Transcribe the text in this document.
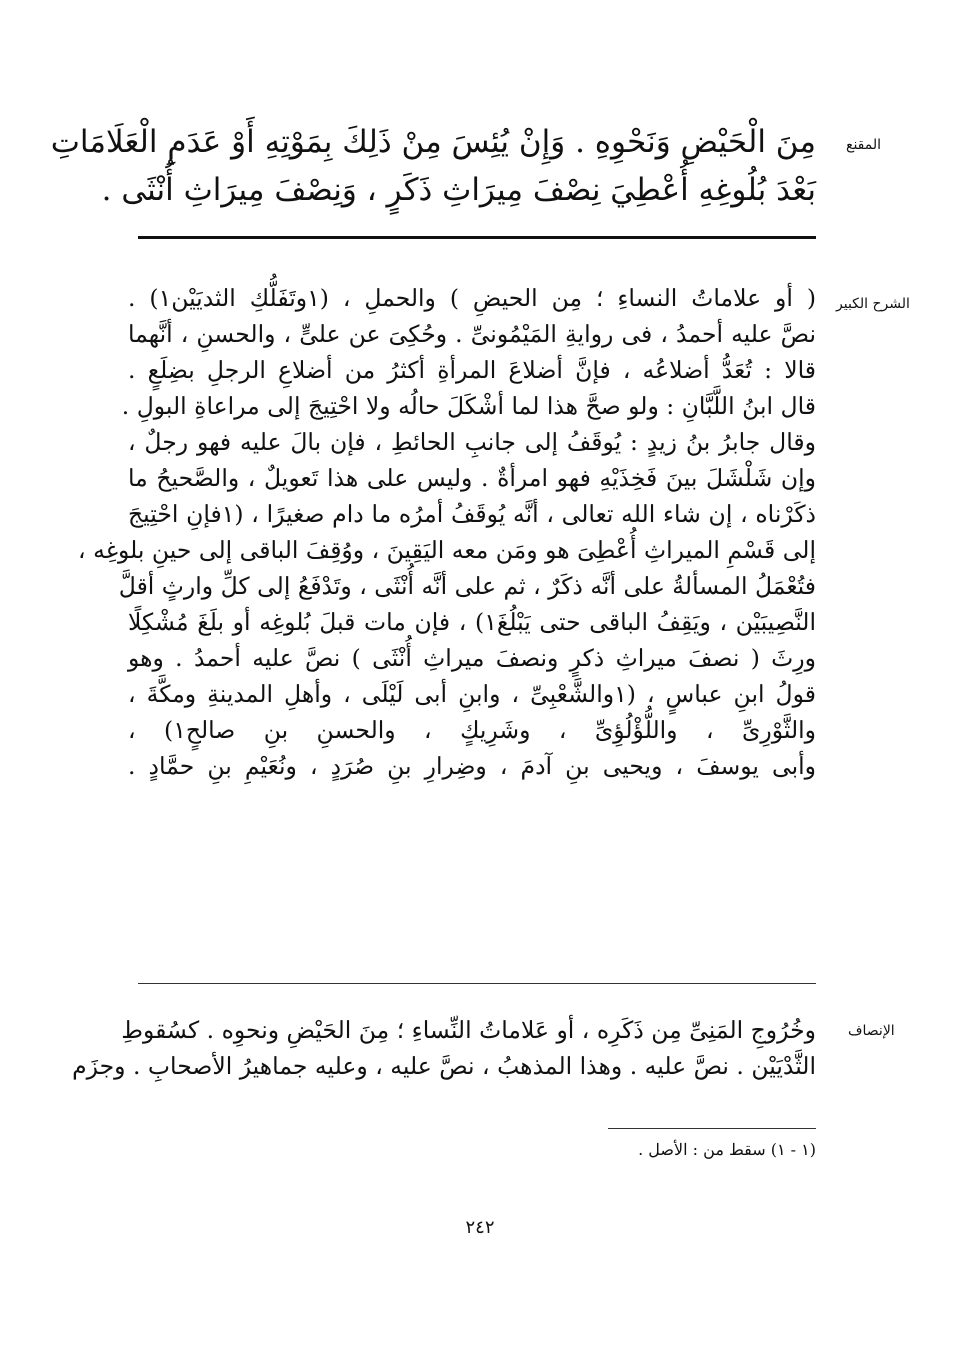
المقنع
مِنَ الْحَيْضِ وَنَحْوِهِ . وَإِنْ يُئِسَ مِنْ ذَلِكَ بِمَوْتِهِ أَوْ عَدَمِ الْعَلَامَاتِ
بَعْدَ بُلُوغِهِ أُعْطِيَ نِصْفَ مِيرَاثِ ذَكَرٍ ، وَنِصْفَ مِيرَاثِ أُنْثَى .
الشرح الكبير
( أو علاماتُ النساءِ ؛ مِن الحيضِ ) والحملِ ، (١وتَفَلُّكِ الثديَيْن١) .
نصَّ عليه أحمدُ ، فى روايةِ المَيْمُونىِّ . وحُكِىَ عن علىٍّ ، والحسنِ ، أنَّهما
قالا : تُعَدُّ أضلاعُه ، فإنَّ أضلاعَ المرأةِ أكثرُ من أضلاعِ الرجلِ بضِلَعٍ .
قال ابنُ اللَّبَّانِ : ولو صحَّ هذا لما أشْكَلَ حالُه ولا احْتِيجَ إلى مراعاةِ البولِ .
وقال جابرُ بنُ زيدٍ : يُوقَفُ إلى جانبِ الحائطِ ، فإن بالَ عليه فهو رجلٌ ،
وإن شَلْشَلَ بينَ فَخِذَيْهِ فهو امرأةٌ . وليس على هذا تَعويلٌ ، والصَّحيحُ ما
ذكَرْناه ، إن شاء الله تعالى ، أنَّه يُوقَفُ أمرُه ما دام صغيرًا ، (١فإنِ احْتِيجَ
إلى قَسْمِ الميراثِ أُعْطِىَ هو ومَن معه اليَقِينَ ، ووُقِفَ الباقى إلى حينِ بلوغِه ،
فتُعْمَلُ المسألةُ على أنَّه ذكَرٌ ، ثم على أنَّه أُنْثَى ، وتَدْفَعُ إلى كلِّ وارثٍ أقلَّ
النَّصِيبَيْن ، ويَقِفُ الباقى حتى يَبْلُغَ١) ، فإن مات قبلَ بُلوغِه أو بلَغَ مُشْكِلًا
ورِثَ ( نصفَ ميراثِ ذكرٍ ونصفَ ميراثِ أُنْثَى ) نصَّ عليه أحمدُ . وهو
قولُ ابنِ عباسٍ ، (١والشَّعْبِىِّ ، وابنِ أبى لَيْلَى ، وأهلِ المدينةِ ومكَّةَ ،
والثَّوْرِىِّ ، واللُّؤْلُؤِىِّ ، وشَرِيكٍ ، والحسنِ بنِ صالحٍ١) ،
وأبى يوسفَ ، ويحيى بنِ آدمَ ، وضِرارِ بنِ صُرَدٍ ، ونُعَيْمِ بنِ حمَّادٍ .
الإنصاف
وخُرُوجِ المَنِىِّ مِن ذَكَرِه ، أو عَلاماتُ النِّساءِ ؛ مِنَ الحَيْضِ ونحوِه . كسُقوطِ
الثَّدْيَيْن . نصَّ عليه . وهذا المذهبُ ، نصَّ عليه ، وعليه جماهيرُ الأصحابِ . وجزَم
(١ - ١) سقط من : الأصل .
٢٤٢
